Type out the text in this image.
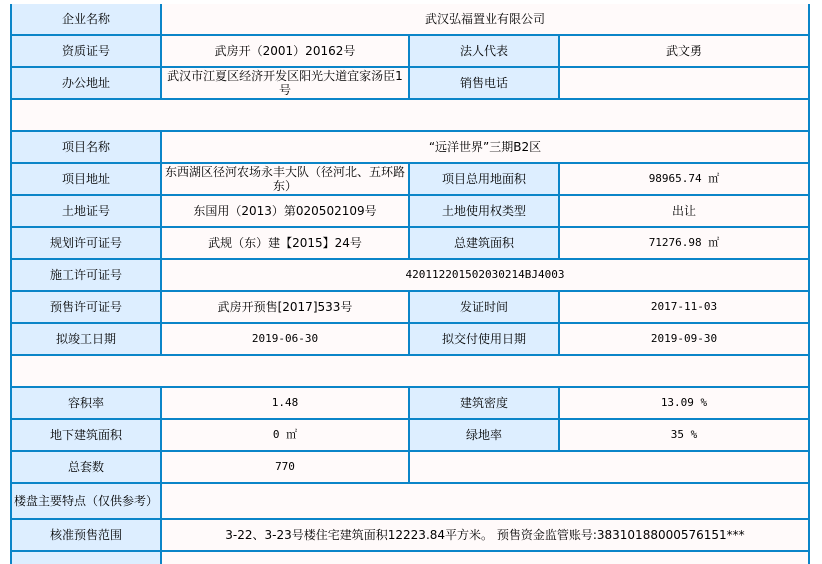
企业名称	武汉弘福置业有限公司
资质证号	武房开（2001）20162号	法人代表	武文勇
办公地址	武汉市江夏区经济开发区阳光大道宜家汤臣1号	销售电话
项目名称	“远洋世界”三期B2区
项目地址	东西湖区径河农场永丰大队（径河北、五环路东）	项目总用地面积	98965.74 ㎡
土地证号	东国用（2013）第020502109号	土地使用权类型	出让
规划许可证号	武规（东）建【2015】24号	总建筑面积	71276.98 ㎡
施工许可证号	420112201502030214BJ4003
预售许可证号	武房开预售[2017]533号	发证时间	2017-11-03
拟竣工日期	2019-06-30	拟交付使用日期	2019-09-30
容积率	1.48	建筑密度	13.09 %
地下建筑面积	0 ㎡	绿地率	35 %
总套数	770
楼盘主要特点（仅供参考）
核准预售范围	3-22、3-23号楼住宅建筑面积12223.84平方米。 预售资金监管账号:38310188000576151***
